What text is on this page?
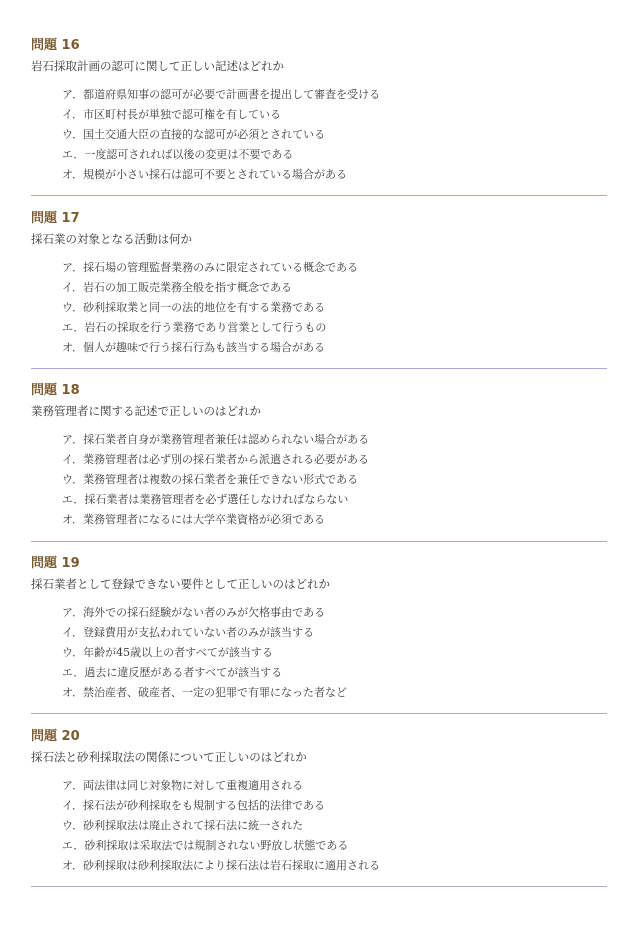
問題 16
岩石採取計画の認可に関して正しい記述はどれか
ア．都道府県知事の認可が必要で計画書を提出して審査を受ける
イ．市区町村長が単独で認可権を有している
ウ．国土交通大臣の直接的な認可が必須とされている
エ．一度認可されれば以後の変更は不要である
オ．規模が小さい採石は認可不要とされている場合がある
問題 17
採石業の対象となる活動は何か
ア．採石場の管理監督業務のみに限定されている概念である
イ．岩石の加工販売業務全般を指す概念である
ウ．砂利採取業と同一の法的地位を有する業務である
エ．岩石の採取を行う業務であり営業として行うもの
オ．個人が趣味で行う採石行為も該当する場合がある
問題 18
業務管理者に関する記述で正しいのはどれか
ア．採石業者自身が業務管理者兼任は認められない場合がある
イ．業務管理者は必ず別の採石業者から派遣される必要がある
ウ．業務管理者は複数の採石業者を兼任できない形式である
エ．採石業者は業務管理者を必ず選任しなければならない
オ．業務管理者になるには大学卒業資格が必須である
問題 19
採石業者として登録できない要件として正しいのはどれか
ア．海外での採石経験がない者のみが欠格事由である
イ．登録費用が支払われていない者のみが該当する
ウ．年齢が45歳以上の者すべてが該当する
エ．過去に違反歴がある者すべてが該当する
オ．禁治産者、破産者、一定の犯罪で有罪になった者など
問題 20
採石法と砂利採取法の関係について正しいのはどれか
ア．両法律は同じ対象物に対して重複適用される
イ．採石法が砂利採取をも規制する包括的法律である
ウ．砂利採取法は廃止されて採石法に統一された
エ．砂利採取は采取法では規制されない野放し状態である
オ．砂利採取は砂利採取法により採石法は岩石採取に適用される
